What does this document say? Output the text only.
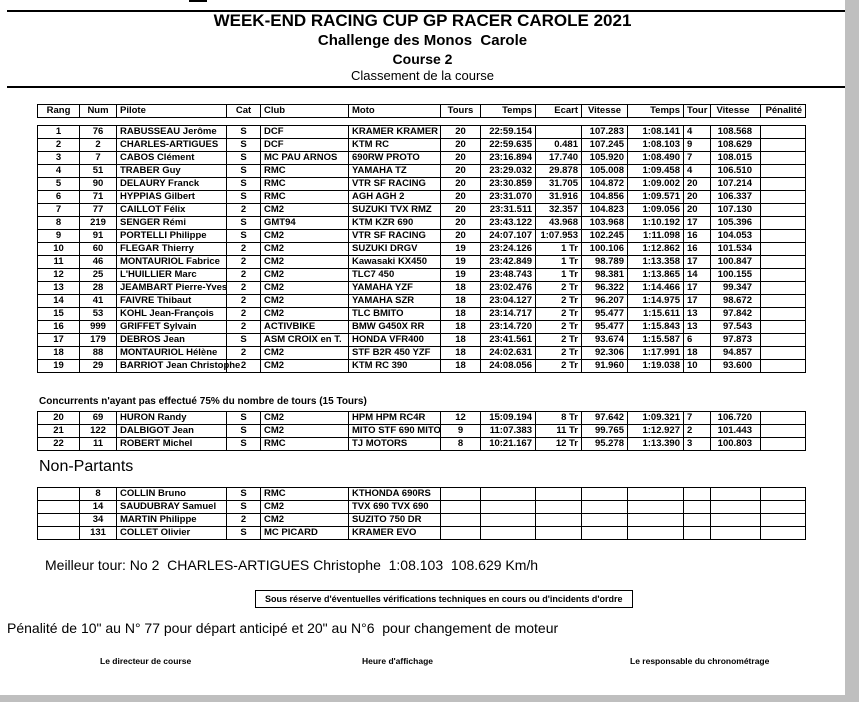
WEEK-END RACING CUP GP RACER CAROLE 2021
Challenge des Monos  Carole
Course 2
Classement de la course
Rang	Num	Pilote	Cat	Club	Moto	Tours	Temps	Ecart	Vitesse	Temps	Tour	Vitesse	Pénalité
1	76	RABUSSEAU Jerôme	S	DCF	KRAMER KRAMER	20	22:59.154		107.283	1:08.141	4	108.568	
2	2	CHARLES-ARTIGUES	S	DCF	KTM RC	20	22:59.635	0.481	107.245	1:08.103	9	108.629	
3	7	CABOS Clément	S	MC PAU ARNOS	690RW PROTO	20	23:16.894	17.740	105.920	1:08.490	7	108.015	
4	51	TRABER Guy	S	RMC	YAMAHA TZ	20	23:29.032	29.878	105.008	1:09.458	4	106.510	
5	90	DELAURY Franck	S	RMC	VTR SF RACING	20	23:30.859	31.705	104.872	1:09.002	20	107.214	
6	71	HYPPIAS Gilbert	S	RMC	AGH AGH 2	20	23:31.070	31.916	104.856	1:09.571	20	106.337	
7	77	CAILLOT Félix	2	CM2	SUZUKI TVX RMZ	20	23:31.511	32.357	104.823	1:09.056	20	107.130	
8	219	SENGER Rémi	S	GMT94	KTM KZR 690	20	23:43.122	43.968	103.968	1:10.192	17	105.396	
9	91	PORTELLI Philippe	S	CM2	VTR SF RACING	20	24:07.107	1:07.953	102.245	1:11.098	16	104.053	
10	60	FLEGAR Thierry	2	CM2	SUZUKI DRGV	19	23:24.126	1 Tr	100.106	1:12.862	16	101.534	
11	46	MONTAURIOL Fabrice	2	CM2	Kawasaki KX450	19	23:42.849	1 Tr	98.789	1:13.358	17	100.847	
12	25	L'HUILLIER Marc	2	CM2	TLC7 450	19	23:48.743	1 Tr	98.381	1:13.865	14	100.155	
13	28	JEAMBART Pierre-Yves	2	CM2	YAMAHA YZF	18	23:02.476	2 Tr	96.322	1:14.466	17	99.347	
14	41	FAIVRE Thibaut	2	CM2	YAMAHA SZR	18	23:04.127	2 Tr	96.207	1:14.975	17	98.672	
15	53	KOHL Jean-François	2	CM2	TLC BMITO	18	23:14.717	2 Tr	95.477	1:15.611	13	97.842	
16	999	GRIFFET Sylvain	2	ACTIVBIKE	BMW G450X RR	18	23:14.720	2 Tr	95.477	1:15.843	13	97.543	
17	179	DEBROS Jean	S	ASM CROIX en T.	HONDA VFR400	18	23:41.561	2 Tr	93.674	1:15.587	6	97.873	
18	88	MONTAURIOL Hélène	2	CM2	STF B2R 450 YZF	18	24:02.631	2 Tr	92.306	1:17.991	18	94.857	
19	29	BARRIOT Jean Christophe	2	CM2	KTM RC 390	18	24:08.056	2 Tr	91.960	1:19.038	10	93.600	
Concurrents n'ayant pas effectué 75% du nombre de tours (15 Tours)
20	69	HURON Randy	S	CM2	HPM HPM RC4R	12	15:09.194	8 Tr	97.642	1:09.321	7	106.720	
21	122	DALBIGOT Jean	S	CM2	MITO STF 690 MITO	9	11:07.383	11 Tr	99.765	1:12.927	2	101.443	
22	11	ROBERT Michel	S	RMC	TJ MOTORS	8	10:21.167	12 Tr	95.278	1:13.390	3	100.803	
Non-Partants
	8	COLLIN Bruno	S	RMC	KTHONDA 690RS								
	14	SAUDUBRAY Samuel	S	CM2	TVX 690 TVX 690								
	34	MARTIN Philippe	2	CM2	SUZITO 750 DR								
	131	COLLET Olivier	S	MC PICARD	KRAMER EVO								
Meilleur tour: No 2  CHARLES-ARTIGUES Christophe  1:08.103  108.629 Km/h
Sous réserve d'éventuelles vérifications techniques en cours ou d'incidents d'ordre
Pénalité de 10" au N° 77 pour départ anticipé et 20" au N°6  pour changement de moteur
Le directeur de course	Heure d'affichage	Le responsable du chronométrage
